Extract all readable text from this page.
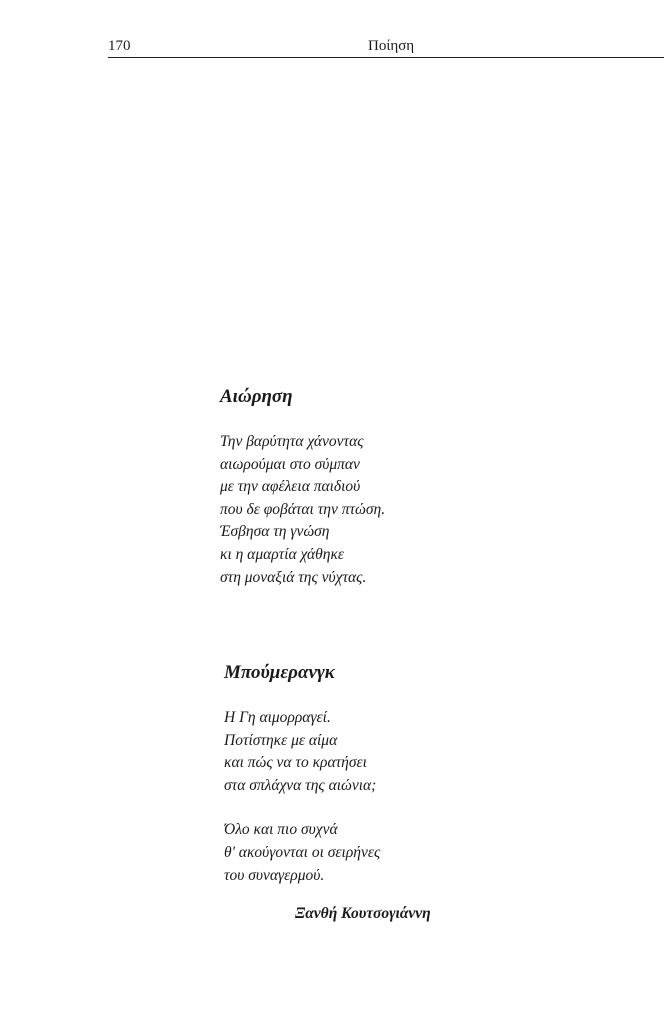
170	Ποίηση
Αιώρηση
Την βαρύτητα χάνοντας
αιωρούμαι στο σύμπαν
με την αφέλεια παιδιού
που δε φοβάται την πτώση.
Έσβησα τη γνώση
κι η αμαρτία χάθηκε
στη μοναξιά της νύχτας.
Μπούμερανγκ
Η Γη αιμορραγεί.
Ποτίστηκε με αίμα
και πώς να το κρατήσει
στα σπλάχνα της αιώνια;
Όλο και πιο συχνά
θ' ακούγονται οι σειρήνες
του συναγερμού.
Ξανθή Κουτσογιάννη
